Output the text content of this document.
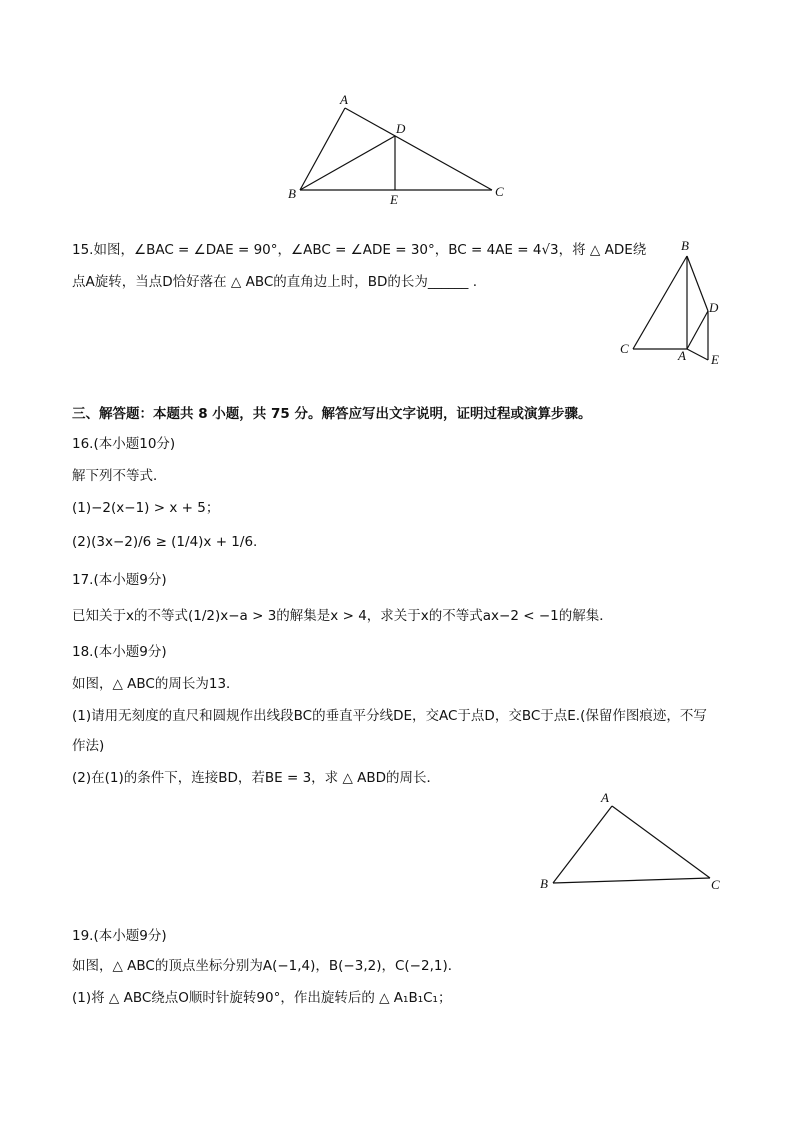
A
D
B	E
C
B
D
C	A E
15.如图，∠BAC = ∠DAE = 90°，∠ABC = ∠ADE = 30°，BC = 4AE = 4√3，将 △ ADE绕
点A旋转，当点D恰好落在 △ ABC的直角边上时，BD的长为______ .
三、解答题：本题共 8 小题，共 75 分。解答应写出文字说明，证明过程或演算步骤。
16.(本小题10分)
解下列不等式．
(1)−2(x−1) > x + 5；
(2)(3x−2)/6 ≥ (1/4)x + 1/6.
17.(本小题9分)
已知关于x的不等式(1/2)x−a > 3的解集是x > 4，求关于x的不等式ax−2 < −1的解集．
18.(本小题9分)
如图，△ ABC的周长为13．
(1)请用无刻度的直尺和圆规作出线段BC的垂直平分线DE，交AC于点D，交BC于点E.(保留作图痕迹，不写
作法)
(2)在(1)的条件下，连接BD，若BE = 3，求 △ ABD的周长．
A
B	C
19.(本小题9分)
如图，△ ABC的顶点坐标分别为A(−1,4)，B(−3,2)，C(−2,1)．
(1)将 △ ABC绕点O顺时针旋转90°，作出旋转后的 △ A₁B₁C₁；
